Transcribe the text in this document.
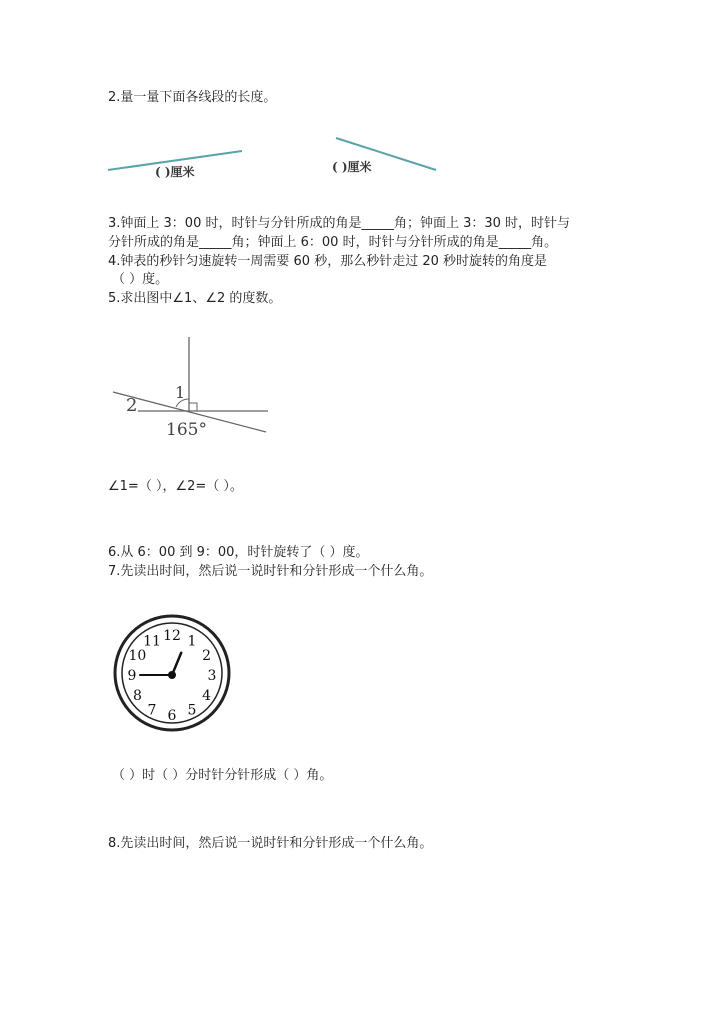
2.量一量下面各线段的长度。
( )厘米	( )厘米
3.钟面上 3：00 时，时针与分针所成的角是_____角；钟面上 3：30 时，时针与
分针所成的角是_____角；钟面上 6：00 时，时针与分针所成的角是_____角。
4.钟表的秒针匀速旋转一周需要 60 秒，那么秒针走过 20 秒时旋转的角度是
（ ）度。
5.求出图中∠1、∠2 的度数。
1
2
165°
∠1=（ ），∠2=（ ）。
6.从 6：00 到 9：00，时针旋转了（ ）度。
7.先读出时间，然后说一说时针和分针形成一个什么角。
12 1
2
3
4
5
6
7
8
9
10
11
（ ）时（ ）分时针分针形成（ ）角。
8.先读出时间，然后说一说时针和分针形成一个什么角。
